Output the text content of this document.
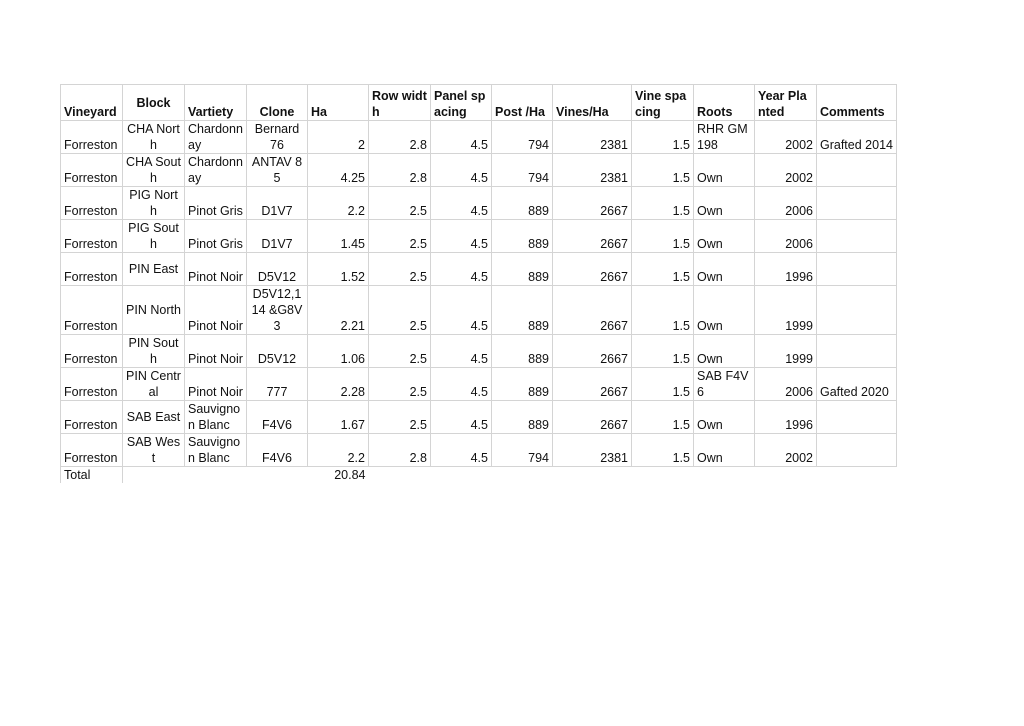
Vineyard	Block	Vartiety	Clone	Ha	Row width	Panel spacing	Post /Ha	Vines/Ha	Vine spacing	Roots	Year Planted	Comments
Forreston	CHA North	Chardonnay	Bernard 76	2	2.8	4.5	794	2381	1.5	RHR GM198	2002	Grafted 2014
Forreston	CHA South	Chardonnay	ANTAV 85	4.25	2.8	4.5	794	2381	1.5	Own	2002	
Forreston	PIG North	Pinot Gris	D1V7	2.2	2.5	4.5	889	2667	1.5	Own	2006	
Forreston	PIG South	Pinot Gris	D1V7	1.45	2.5	4.5	889	2667	1.5	Own	2006	
Forreston	PIN East	Pinot Noir	D5V12	1.52	2.5	4.5	889	2667	1.5	Own	1996	
Forreston	PIN North	Pinot Noir	D5V12,114 &G8V3	2.21	2.5	4.5	889	2667	1.5	Own	1999	
Forreston	PIN South	Pinot Noir	D5V12	1.06	2.5	4.5	889	2667	1.5	Own	1999	
Forreston	PIN Central	Pinot Noir	777	2.28	2.5	4.5	889	2667	1.5	SAB F4V6	2006	Gafted 2020
Forreston	SAB East	Sauvignon Blanc	F4V6	1.67	2.5	4.5	889	2667	1.5	Own	1996	
Forreston	SAB West	Sauvignon Blanc	F4V6	2.2	2.8	4.5	794	2381	1.5	Own	2002	
Total				20.84								
